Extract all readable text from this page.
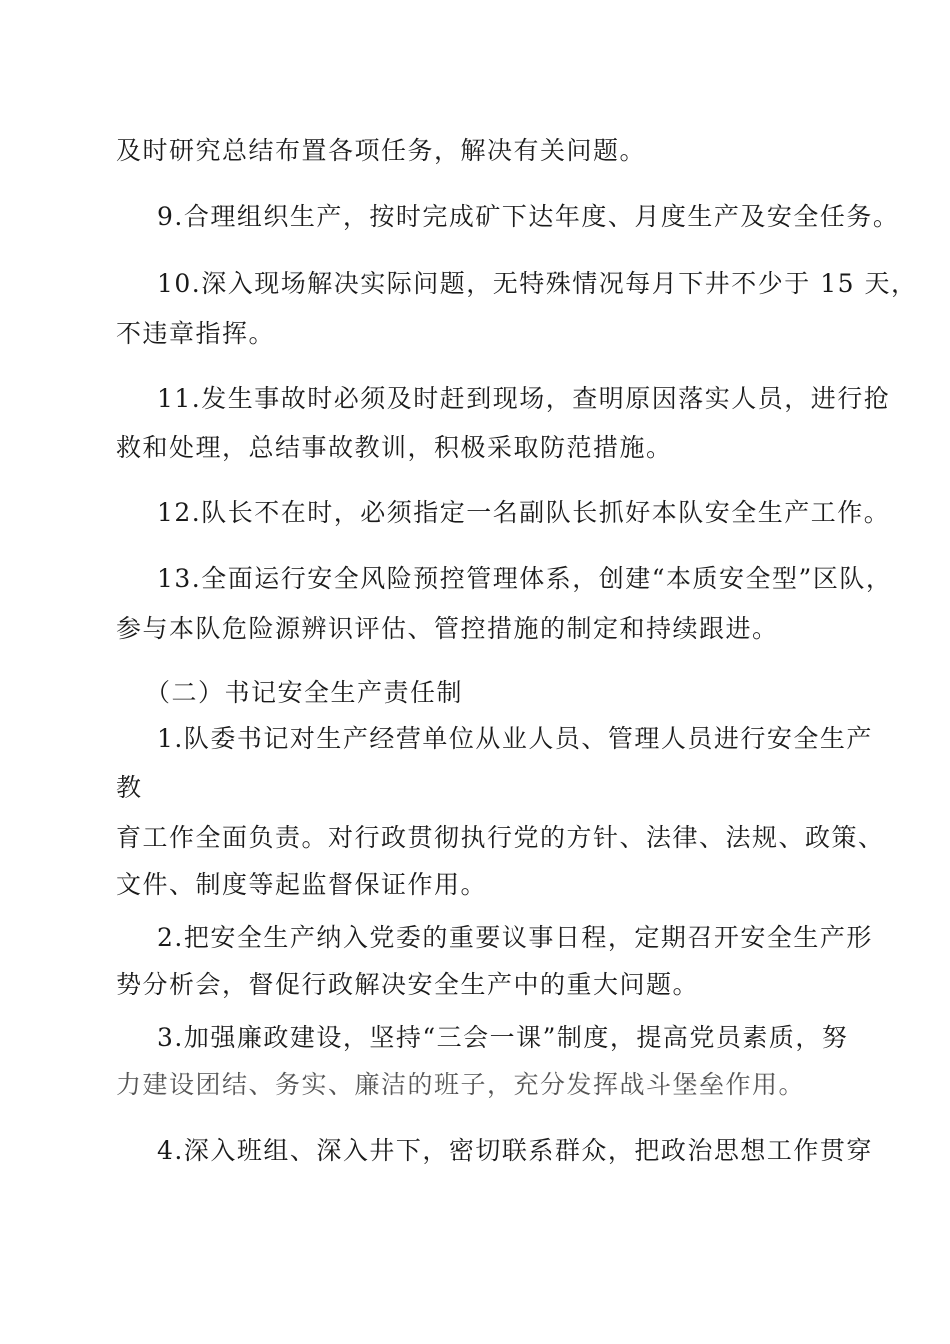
及时研究总结布置各项任务，解决有关问题。

9.合理组织生产，按时完成矿下达年度、月度生产及安全任务。

10.深入现场解决实际问题，无特殊情况每月下井不少于 15 天，

不违章指挥。

11.发生事故时必须及时赶到现场，查明原因落实人员，进行抢

救和处理，总结事故教训，积极采取防范措施。

12.队长不在时，必须指定一名副队长抓好本队安全生产工作。

13.全面运行安全风险预控管理体系，创建“本质安全型”区队，

参与本队危险源辨识评估、管控措施的制定和持续跟进。

（二）书记安全生产责任制

1.队委书记对生产经营单位从业人员、管理人员进行安全生产

教

育工作全面负责。对行政贯彻执行党的方针、法律、法规、政策、

文件、制度等起监督保证作用。

2.把安全生产纳入党委的重要议事日程，定期召开安全生产形

势分析会，督促行政解决安全生产中的重大问题。

3.加强廉政建设，坚持“三会一课”制度，提高党员素质，努

力建设团结、务实、廉洁的班子，充分发挥战斗堡垒作用。

4.深入班组、深入井下，密切联系群众，把政治思想工作贯穿
